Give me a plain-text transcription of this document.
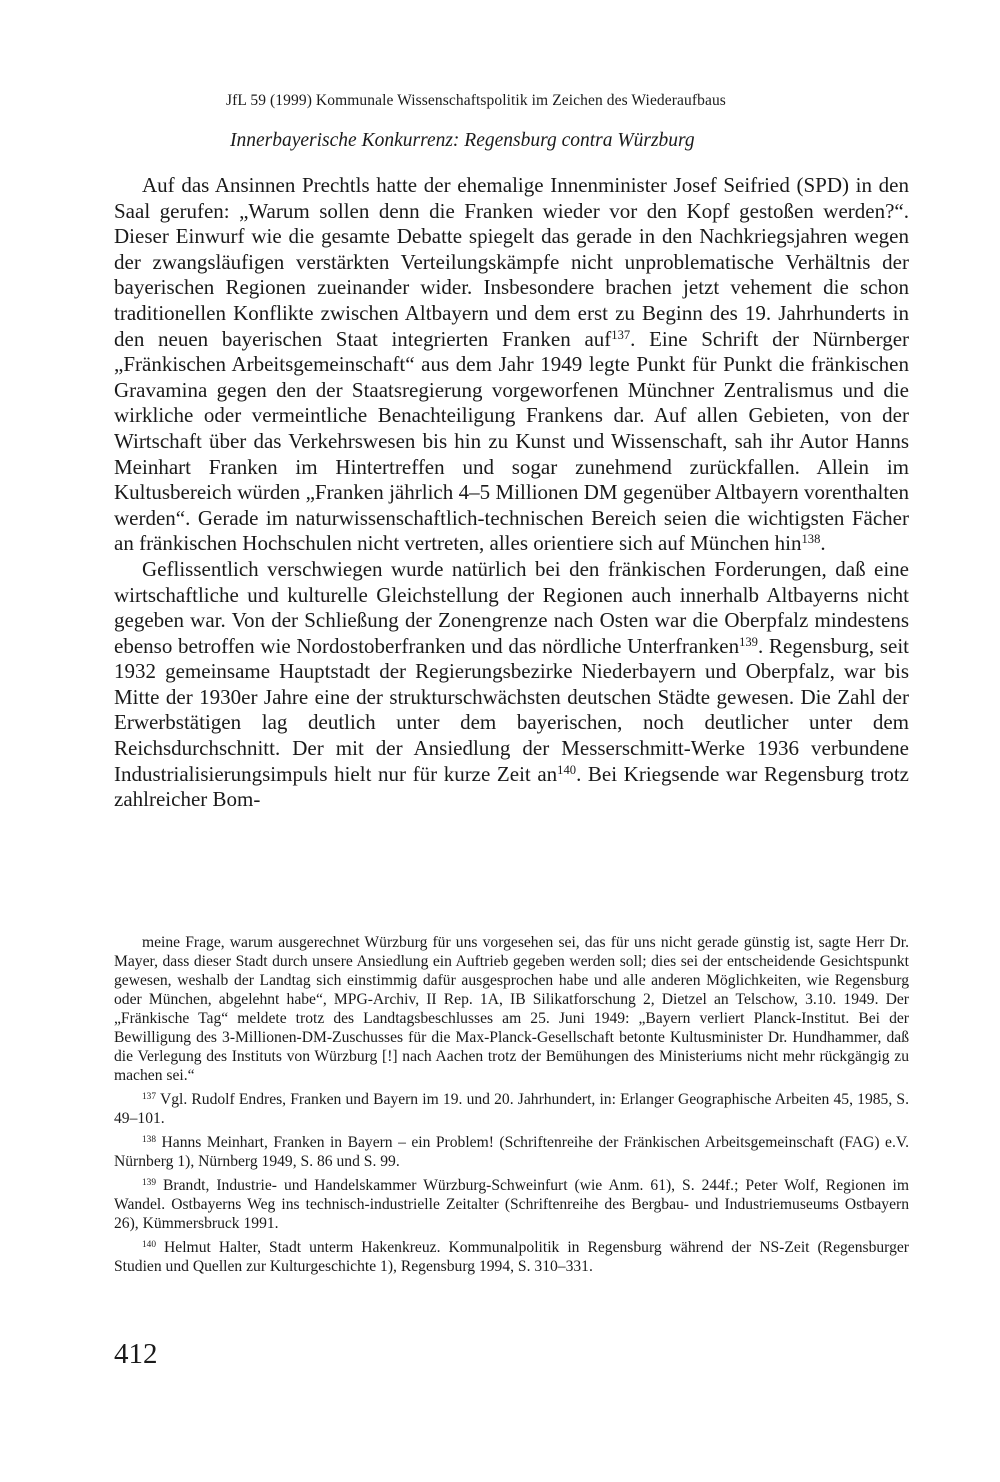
JfL 59 (1999) Kommunale Wissenschaftspolitik im Zeichen des Wiederaufbaus
Innerbayerische Konkurrenz: Regensburg contra Würzburg

Auf das Ansinnen Prechtls hatte der ehemalige Innenminister Josef Seifried (SPD) in den Saal gerufen: „Warum sollen denn die Franken wieder vor den Kopf gestoßen werden?“. Dieser Einwurf wie die gesamte Debatte spiegelt das gerade in den Nachkriegsjahren wegen der zwangsläufigen verstärkten Verteilungskämpfe nicht unproblematische Verhältnis der bayerischen Regionen zueinander wider. Insbesondere brachen jetzt vehement die schon traditionellen Konflikte zwischen Altbayern und dem erst zu Beginn des 19. Jahrhunderts in den neuen bayerischen Staat integrierten Franken auf$^{137}$. Eine Schrift der Nürnberger „Fränkischen Arbeitsgemeinschaft“ aus dem Jahr 1949 legte Punkt für Punkt die fränkischen Gravamina gegen den der Staatsregierung vorgeworfenen Münchner Zentralismus und die wirkliche oder vermeintliche Benachteiligung Frankens dar. Auf allen Gebieten, von der Wirtschaft über das Verkehrswesen bis hin zu Kunst und Wissenschaft, sah ihr Autor Hanns Meinhart Franken im Hintertreffen und sogar zunehmend zurückfallen. Allein im Kultusbereich würden „Franken jährlich 4–5 Millionen DM gegenüber Altbayern vorenthalten werden“. Gerade im naturwissenschaftlich-technischen Bereich seien die wichtigsten Fächer an fränkischen Hochschulen nicht vertreten, alles orientiere sich auf München hin$^{138}$.

Geflissentlich verschwiegen wurde natürlich bei den fränkischen Forderungen, daß eine wirtschaftliche und kulturelle Gleichstellung der Regionen auch innerhalb Altbayerns nicht gegeben war. Von der Schließung der Zonengrenze nach Osten war die Oberpfalz mindestens ebenso betroffen wie Nordostoberfranken und das nördliche Unterfranken$^{139}$. Regensburg, seit 1932 gemeinsame Hauptstadt der Regierungsbezirke Niederbayern und Oberpfalz, war bis Mitte der 1930er Jahre eine der strukturschwächsten deutschen Städte gewesen. Die Zahl der Erwerbstätigen lag deutlich unter dem bayerischen, noch deutlicher unter dem Reichsdurchschnitt. Der mit der Ansiedlung der Messerschmitt-Werke 1936 verbundene Industrialisierungsimpuls hielt nur für kurze Zeit $an^{140}$. Bei Kriegsende war Regensburg trotz zahlreicher Bom-

meine Frage, warum ausgerechnet Würzburg für uns vorgesehen sei, das für uns nicht gerade günstig ist, sagte Herr Dr. Mayer, dass dieser Stadt durch unsere Ansiedlung ein Auftrieb gegeben werden soll; dies sei der entscheidende Gesichtspunkt gewesen, weshalb der Landtag sich einstimmig dafür ausgesprochen habe und alle anderen Möglichkeiten, wie Regensburg oder München, abgelehnt habe“, MPG-Archiv, II Rep. 1A, IB Silikatforschung 2, Dietzel an Telschow, 3.10. 1949. Der „Fränkische Tag“ meldete trotz des Landtagsbeschlusses am 25. Juni 1949: „Bayern verliert Planck-Institut. Bei der Bewilligung des 3-Millionen-DM-Zuschusses für die Max-Planck-Gesellschaft betonte Kultusminister Dr. Hundhammer, daß die Verlegung des Instituts von Würzburg [!] nach Aachen trotz der Bemühungen des Ministeriums nicht mehr rückgängig zu machen sei.“

$^{137}$ Vgl. Rudolf Endres, Franken und Bayern im 19. und 20. Jahrhundert, in: Erlanger Geographische Arbeiten 45, 1985, S. 49–101.

$^{138}$ Hanns Meinhart, Franken in Bayern – ein Problem! (Schriftenreihe der Fränkischen Arbeitsgemeinschaft (FAG) e.V. Nürnberg 1), Nürnberg 1949, S. 86 und S. 99.

$^{139}$ Brandt, Industrie- und Handelskammer Würzburg-Schweinfurt (wie Anm. 61), S. 244f.; Peter Wolf, Regionen im Wandel. Ostbayerns Weg ins technisch-industrielle Zeitalter (Schriftenreihe des Bergbau- und Industriemuseums Ostbayern 26), Kümmersbruck 1991.

$^{140}$ Helmut Halter, Stadt unterm Hakenkreuz. Kommunalpolitik in Regensburg während der NS-Zeit (Regensburger Studien und Quellen zur Kulturgeschichte 1), Regensburg 1994, S. 310–331.

412
